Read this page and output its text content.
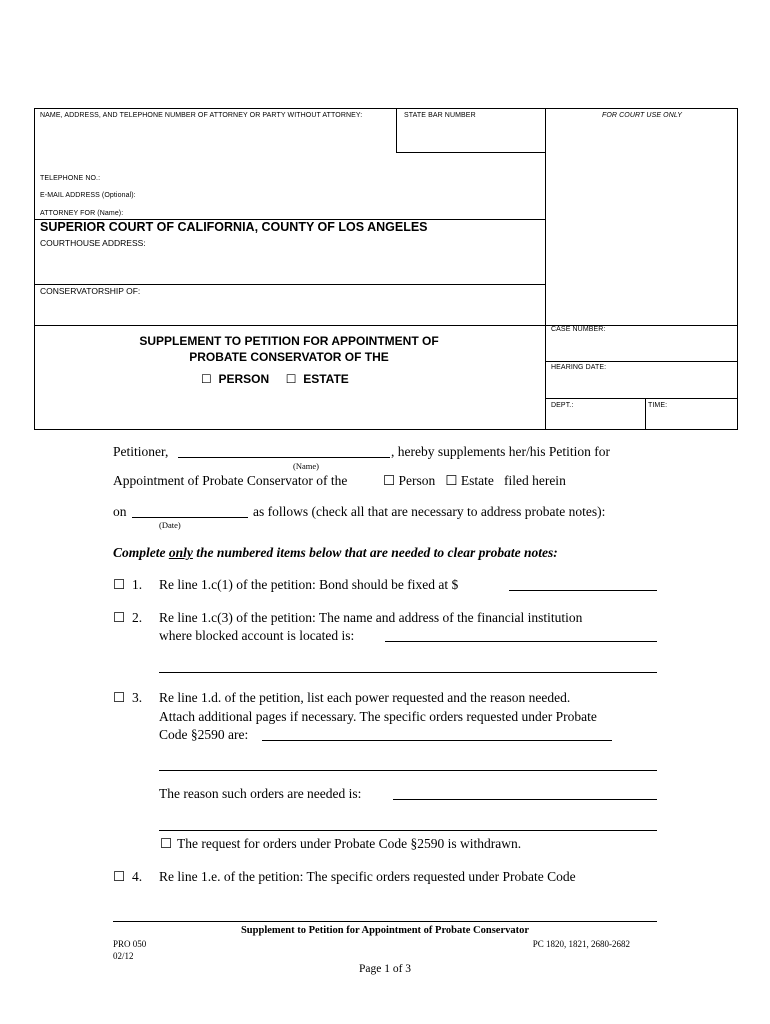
NAME, ADDRESS, AND TELEPHONE NUMBER OF ATTORNEY OR PARTY WITHOUT ATTORNEY:	STATE BAR NUMBER	FOR COURT USE ONLY
TELEPHONE NO.:
E-MAIL ADDRESS (Optional):
ATTORNEY FOR (Name):
SUPERIOR COURT OF CALIFORNIA, COUNTY OF LOS ANGELES
COURTHOUSE ADDRESS:
CONSERVATORSHIP OF:
SUPPLEMENT TO PETITION FOR APPOINTMENT OF
PROBATE CONSERVATOR OF THE
☐ PERSON ☐ ESTATE
CASE NUMBER:
HEARING DATE:
DEPT.:	TIME:
Petitioner,	, hereby supplements her/his Petition for
(Name)
Appointment of Probate Conservator of the	☐ Person ☐ Estate filed herein
on	as follows (check all that are necessary to address probate notes):
(Date)
Complete only the numbered items below that are needed to clear probate notes:
☐ 1. Re line 1.c(1) of the petition: Bond should be fixed at $
☐ 2. Re line 1.c(3) of the petition: The name and address of the financial institution
where blocked account is located is:
☐ 3. Re line 1.d. of the petition, list each power requested and the reason needed.
Attach additional pages if necessary. The specific orders requested under Probate
Code §2590 are:
The reason such orders are needed is:
☐ The request for orders under Probate Code §2590 is withdrawn.
☐ 4. Re line 1.e. of the petition: The specific orders requested under Probate Code
Supplement to Petition for Appointment of Probate Conservator
PRO 050
02/12
PC 1820, 1821, 2680-2682
Page 1 of 3
